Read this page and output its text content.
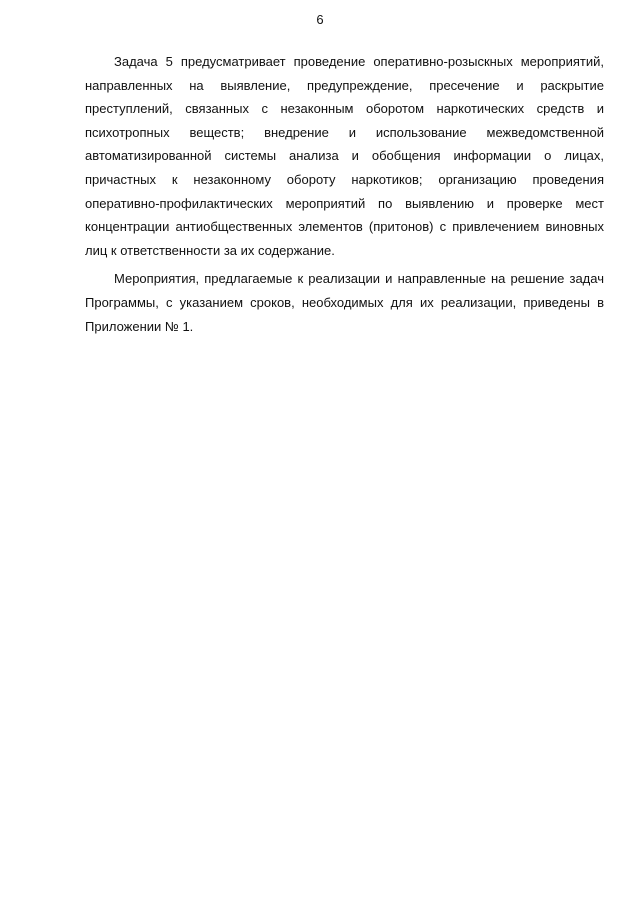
6

Задача 5 предусматривает проведение оперативно-розыскных мероприятий, направленных на выявление, предупреждение, пресечение и раскрытие преступлений, связанных с незаконным оборотом наркотических средств и психотропных веществ; внедрение и использование межведомственной автоматизированной системы анализа и обобщения информации о лицах, причастных к незаконному обороту наркотиков; организацию проведения оперативно-профилактических мероприятий по выявлению и проверке мест концентрации антиобщественных элементов (притонов) с привлечением виновных лиц к ответственности за их содержание.

Мероприятия, предлагаемые к реализации и направленные на решение задач Программы, с указанием сроков, необходимых для их реализации, приведены в Приложении № 1.
